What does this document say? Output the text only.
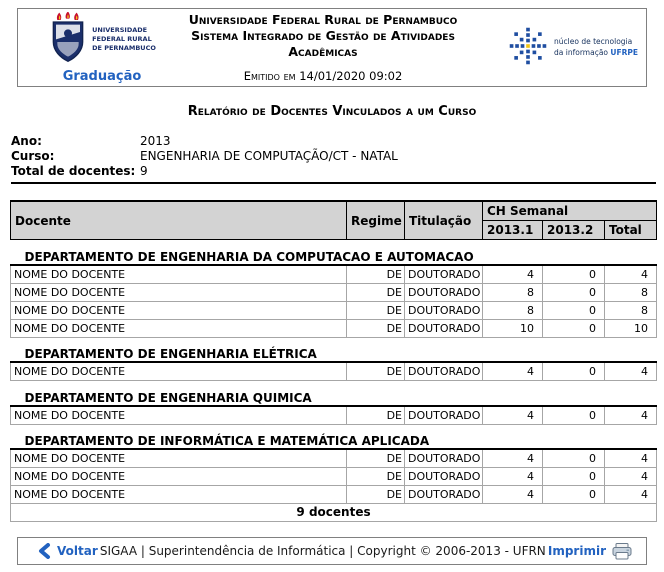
UNIVERSIDADE
FEDERAL RURAL
DE PERNAMBUCO
Graduação
Universidade Federal Rural de Pernambuco
Sistema Integrado de Gestão de Atividades
Acadêmicas
Emitido em 14/01/2020 09:02
núcleo de tecnologia
da informação UFRPE
Relatório de Docentes Vinculados a um Curso
Ano:	2013
Curso:	ENGENHARIA DE COMPUTAÇÃO/CT - NATAL
Total de docentes: 9
Docente	Regime	Titulação	CH Semanal		
			2013.1	2013.2	Total

DEPARTAMENTO DE ENGENHARIA DA COMPUTACAO E AUTOMACAO					
NOME DO DOCENTE	DE	DOUTORADO	4	0	4
NOME DO DOCENTE	DE	DOUTORADO	8	0	8
NOME DO DOCENTE	DE	DOUTORADO	8	0	8
NOME DO DOCENTE	DE	DOUTORADO	10	0	10

DEPARTAMENTO DE ENGENHARIA ELÉTRICA					
NOME DO DOCENTE	DE	DOUTORADO	4	0	4

DEPARTAMENTO DE ENGENHARIA QUIMICA					
NOME DO DOCENTE	DE	DOUTORADO	4	0	4

DEPARTAMENTO DE INFORMÁTICA E MATEMÁTICA APLICADA					
NOME DO DOCENTE	DE	DOUTORADO	4	0	4
NOME DO DOCENTE	DE	DOUTORADO	4	0	4
NOME DO DOCENTE	DE	DOUTORADO	4	0	4
9 docentes					
Voltar SIGAA | Superintendência de Informática | Copyright © 2006-2013 - UFRN Imprimir
